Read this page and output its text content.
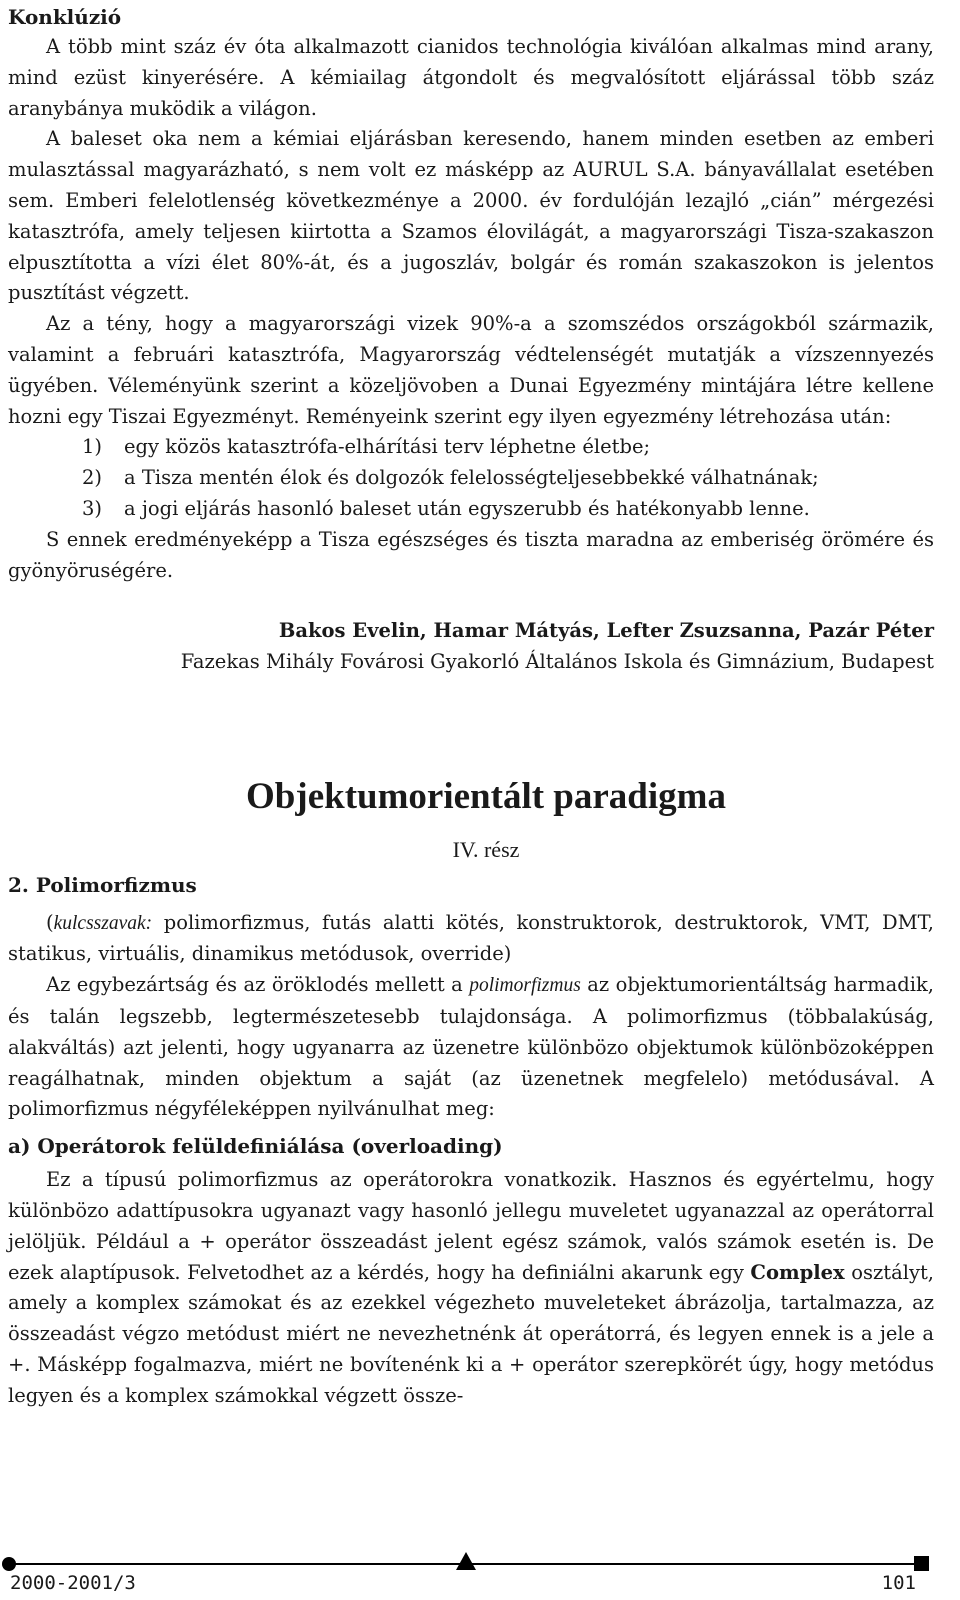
Konklúzió

A több mint száz év óta alkalmazott cianidos technológia kiválóan alkalmas mind arany, mind ezüst kinyerésére. A kémiailag átgondolt és megvalósított eljárással több száz aranybánya muködik a világon.

A baleset oka nem a kémiai eljárásban keresendo, hanem minden esetben az emberi mulasztással magyarázható, s nem volt ez másképp az AURUL S.A. bányavállalat esetében sem. Emberi felelotlenség következménye a 2000. év fordulóján lezajló „cián” mérgezési katasztrófa, amely teljesen kiirtotta a Szamos élovilágát, a magyarországi Tisza-szakaszon elpusztította a vízi élet 80%-át, és a jugoszláv, bolgár és román szakaszokon is jelentos pusztítást végzett.

Az a tény, hogy a magyarországi vizek 90%-a a szomszédos országokból származik, valamint a februári katasztrófa, Magyarország védtelenségét mutatják a vízszennyezés ügyében. Véleményünk szerint a közeljövoben a Dunai Egyezmény mintájára létre kellene hozni egy Tiszai Egyezményt. Reményeink szerint egy ilyen egyezmény létrehozása után:

1) egy közös katasztrófa-elhárítási terv léphetne életbe;
2) a Tisza mentén élok és dolgozók felelosségteljesebbekké válhatnának;
3) a jogi eljárás hasonló baleset után egyszerubb és hatékonyabb lenne.

S ennek eredményeképp a Tisza egészséges és tiszta maradna az emberiség örömére és gyönyöruségére.

Bakos Evelin, Hamar Mátyás, Lefter Zsuzsanna, Pazár Péter

Fazekas Mihály Fovárosi Gyakorló Általános Iskola és Gimnázium, Budapest

Objektumorientált paradigma

IV. rész

2. Polimorfizmus

(kulcsszavak: polimorfizmus, futás alatti kötés, konstruktorok, destruktorok, VMT, DMT, statikus, virtuális, dinamikus metódusok, override)

Az egybezártság és az öröklodés mellett a polimorfizmus az objektumorientáltság harmadik, és talán legszebb, legtermészetesebb tulajdonsága. A polimorfizmus (többalakúság, alakváltás) azt jelenti, hogy ugyanarra az üzenetre különbözo objektumok különbözoképpen reagálhatnak, minden objektum a saját (az üzenetnek megfelelo) metódusával. A polimorfizmus négyféleképpen nyilvánulhat meg:

a) Operátorok felüldefiniálása (overloading)

Ez a típusú polimorfizmus az operátorokra vonatkozik. Hasznos és egyértelmu, hogy különbözo adattípusokra ugyanazt vagy hasonló jellegu muveletet ugyanazzal az operátorral jelöljük. Például a + operátor összeadást jelent egész számok, valós számok esetén is. De ezek alaptípusok. Felvetodhet az a kérdés, hogy ha definiálni akarunk egy Complex osztályt, amely a komplex számokat és az ezekkel végezheto muveleteket ábrázolja, tartalmazza, az összeadást végzo metódust miért ne nevezhetnénk át operátorrá, és legyen ennek is a jele a +. Másképp fogalmazva, miért ne bovítenénk ki a + operátor szerepkörét úgy, hogy metódus legyen és a komplex számokkal végzett össze-

2000-2001/3	101
